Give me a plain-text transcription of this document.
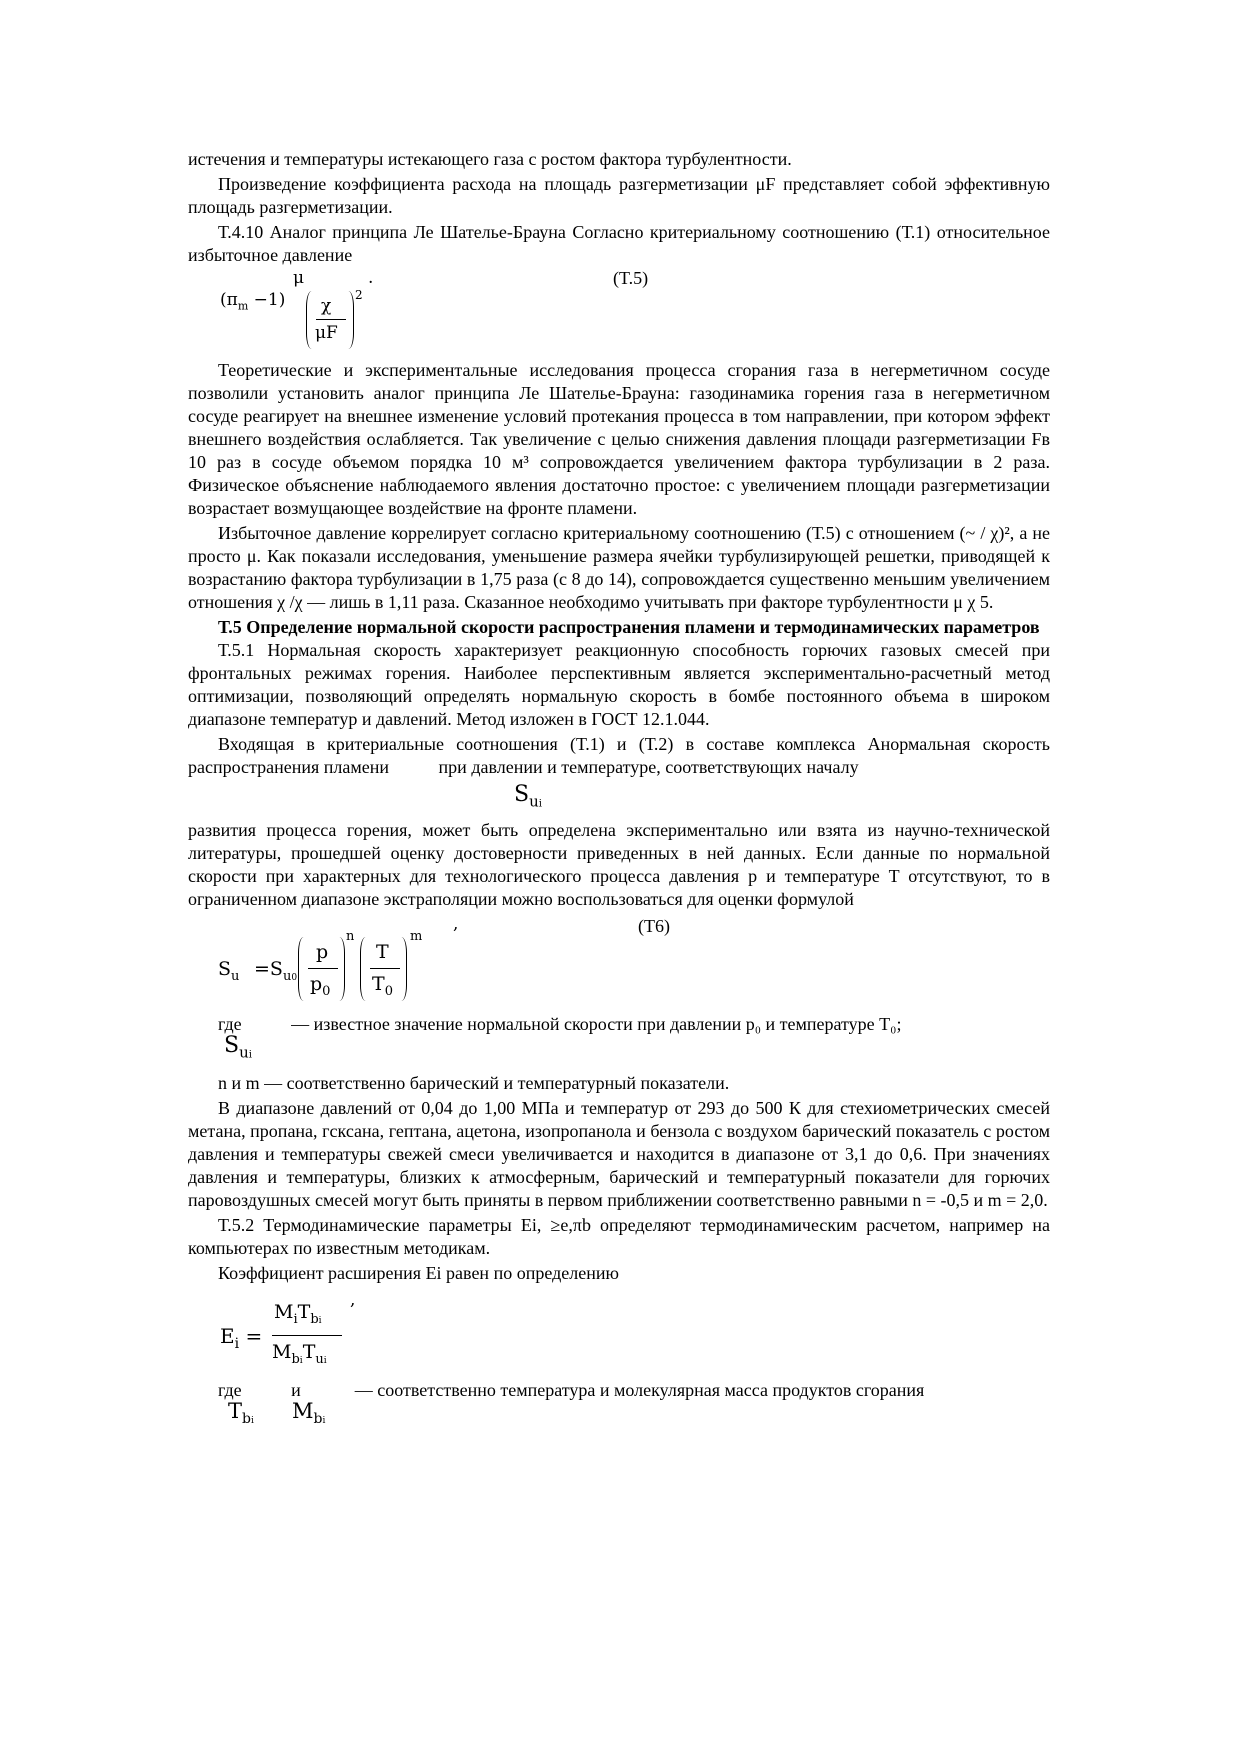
истечения и температуры истекающего газа с ростом фактора турбулентности.

Произведение коэффициента расхода на площадь разгерметизации μF представляет собой эффективную площадь разгерметизации.

Т.4.10 Аналог принципа Ле Шателье-Брауна Согласно критериальному соотношению (Т.1) относительное избыточное давление

μ	.	(T.5)
$(\pi_m -1)$ χ
μF
2

Теоретические и экспериментальные исследования процесса сгорания газа в негерметичном сосуде позволили установить аналог принципа Ле Шателье-Брауна: газодинамика горения газа в негерметичном сосуде реагирует на внешнее изменение условий протекания процесса в том направлении, при котором эффект внешнего воздействия ослабляется. Так увеличение с целью снижения давления площади разгерметизации Fв 10 раз в сосуде объемом порядка 10 м³ сопровождается увеличением фактора турбулизации в 2 раза. Физическое объяснение наблюдаемого явления достаточно простое: с увеличением площади разгерметизации возрастает возмущающее воздействие на фронте пламени.

Избыточное давление коррелирует согласно критериальному соотношению (Т.5) с отношением (~ / χ)², а не просто μ. Как показали исследования, уменьшение размера ячейки турбулизирующей решетки, приводящей к возрастанию фактора турбулизации в 1,75 раза (с 8 до 14), сопровождается существенно меньшим увеличением отношения χ /χ — лишь в 1,11 раза. Сказанное необходимо учитывать при факторе турбулентности μ χ 5.

Т.5 Определение нормальной скорости распространения пламени и термодинамических параметров

Т.5.1 Нормальная скорость характеризует реакционную способность горючих газовых смесей при фронтальных режимах горения. Наиболее перспективным является экспериментально-расчетный метод оптимизации, позволяющий определять нормальную скорость в бомбе постоянного объема в широком диапазоне температур и давлений. Метод изложен в ГОСТ 12.1.044.

Входящая в критериальные соотношения (Т.1) и (Т.2) в составе комплекса Анормальная скорость распространения пламени	при давлении и температуре, соответствующих началу

$S_{ui}$

развития процесса горения, может быть определена экспериментально или взята из научно-технической литературы, прошедшей оценку достоверности приведенных в ней данных. Если данные по нормальной скорости при характерных для технологического процесса давления p и температуре T отсутствуют, то в ограниченном диапазоне экстраполяции можно воспользоваться для оценки формулой

,	(T6)
$S_u =S_{u0}$
p
$p_0$
n
T
$T_0$
m

где	— известное значение нормальной скорости при давлении p₀ и температуре T₀;

$S_{ui}$

n и m — соответственно барический и температурный показатели.

В диапазоне давлений от 0,04 до 1,00 МПа и температур от 293 до 500 К для стехиометрических смесей метана, пропана, гсксана, гептана, ацетона, изопропанола и бензола с воздухом барический показатель с ростом давления и температуры свежей смеси увеличивается и находится в диапазоне от 3,1 до 0,6. При значениях давления и температуры, близких к атмосферным, барический и температурный показатели для горючих паровоздушных смесей могут быть приняты в первом приближении соответственно равными n = -0,5 и m = 2,0.

Т.5.2 Термодинамические параметры Ei, ≥e,πb определяют термодинамическим расчетом, например на компьютерах по известным методикам.

Коэффициент расширения Ei равен по определению

,
$E_i$ =
$M_iT_{bi}$
$M_{bi}T_{ui}$

где	и	— соответственно температура и молекулярная масса продуктов сгорания

$T_{bi}$ $M_{bi}$
